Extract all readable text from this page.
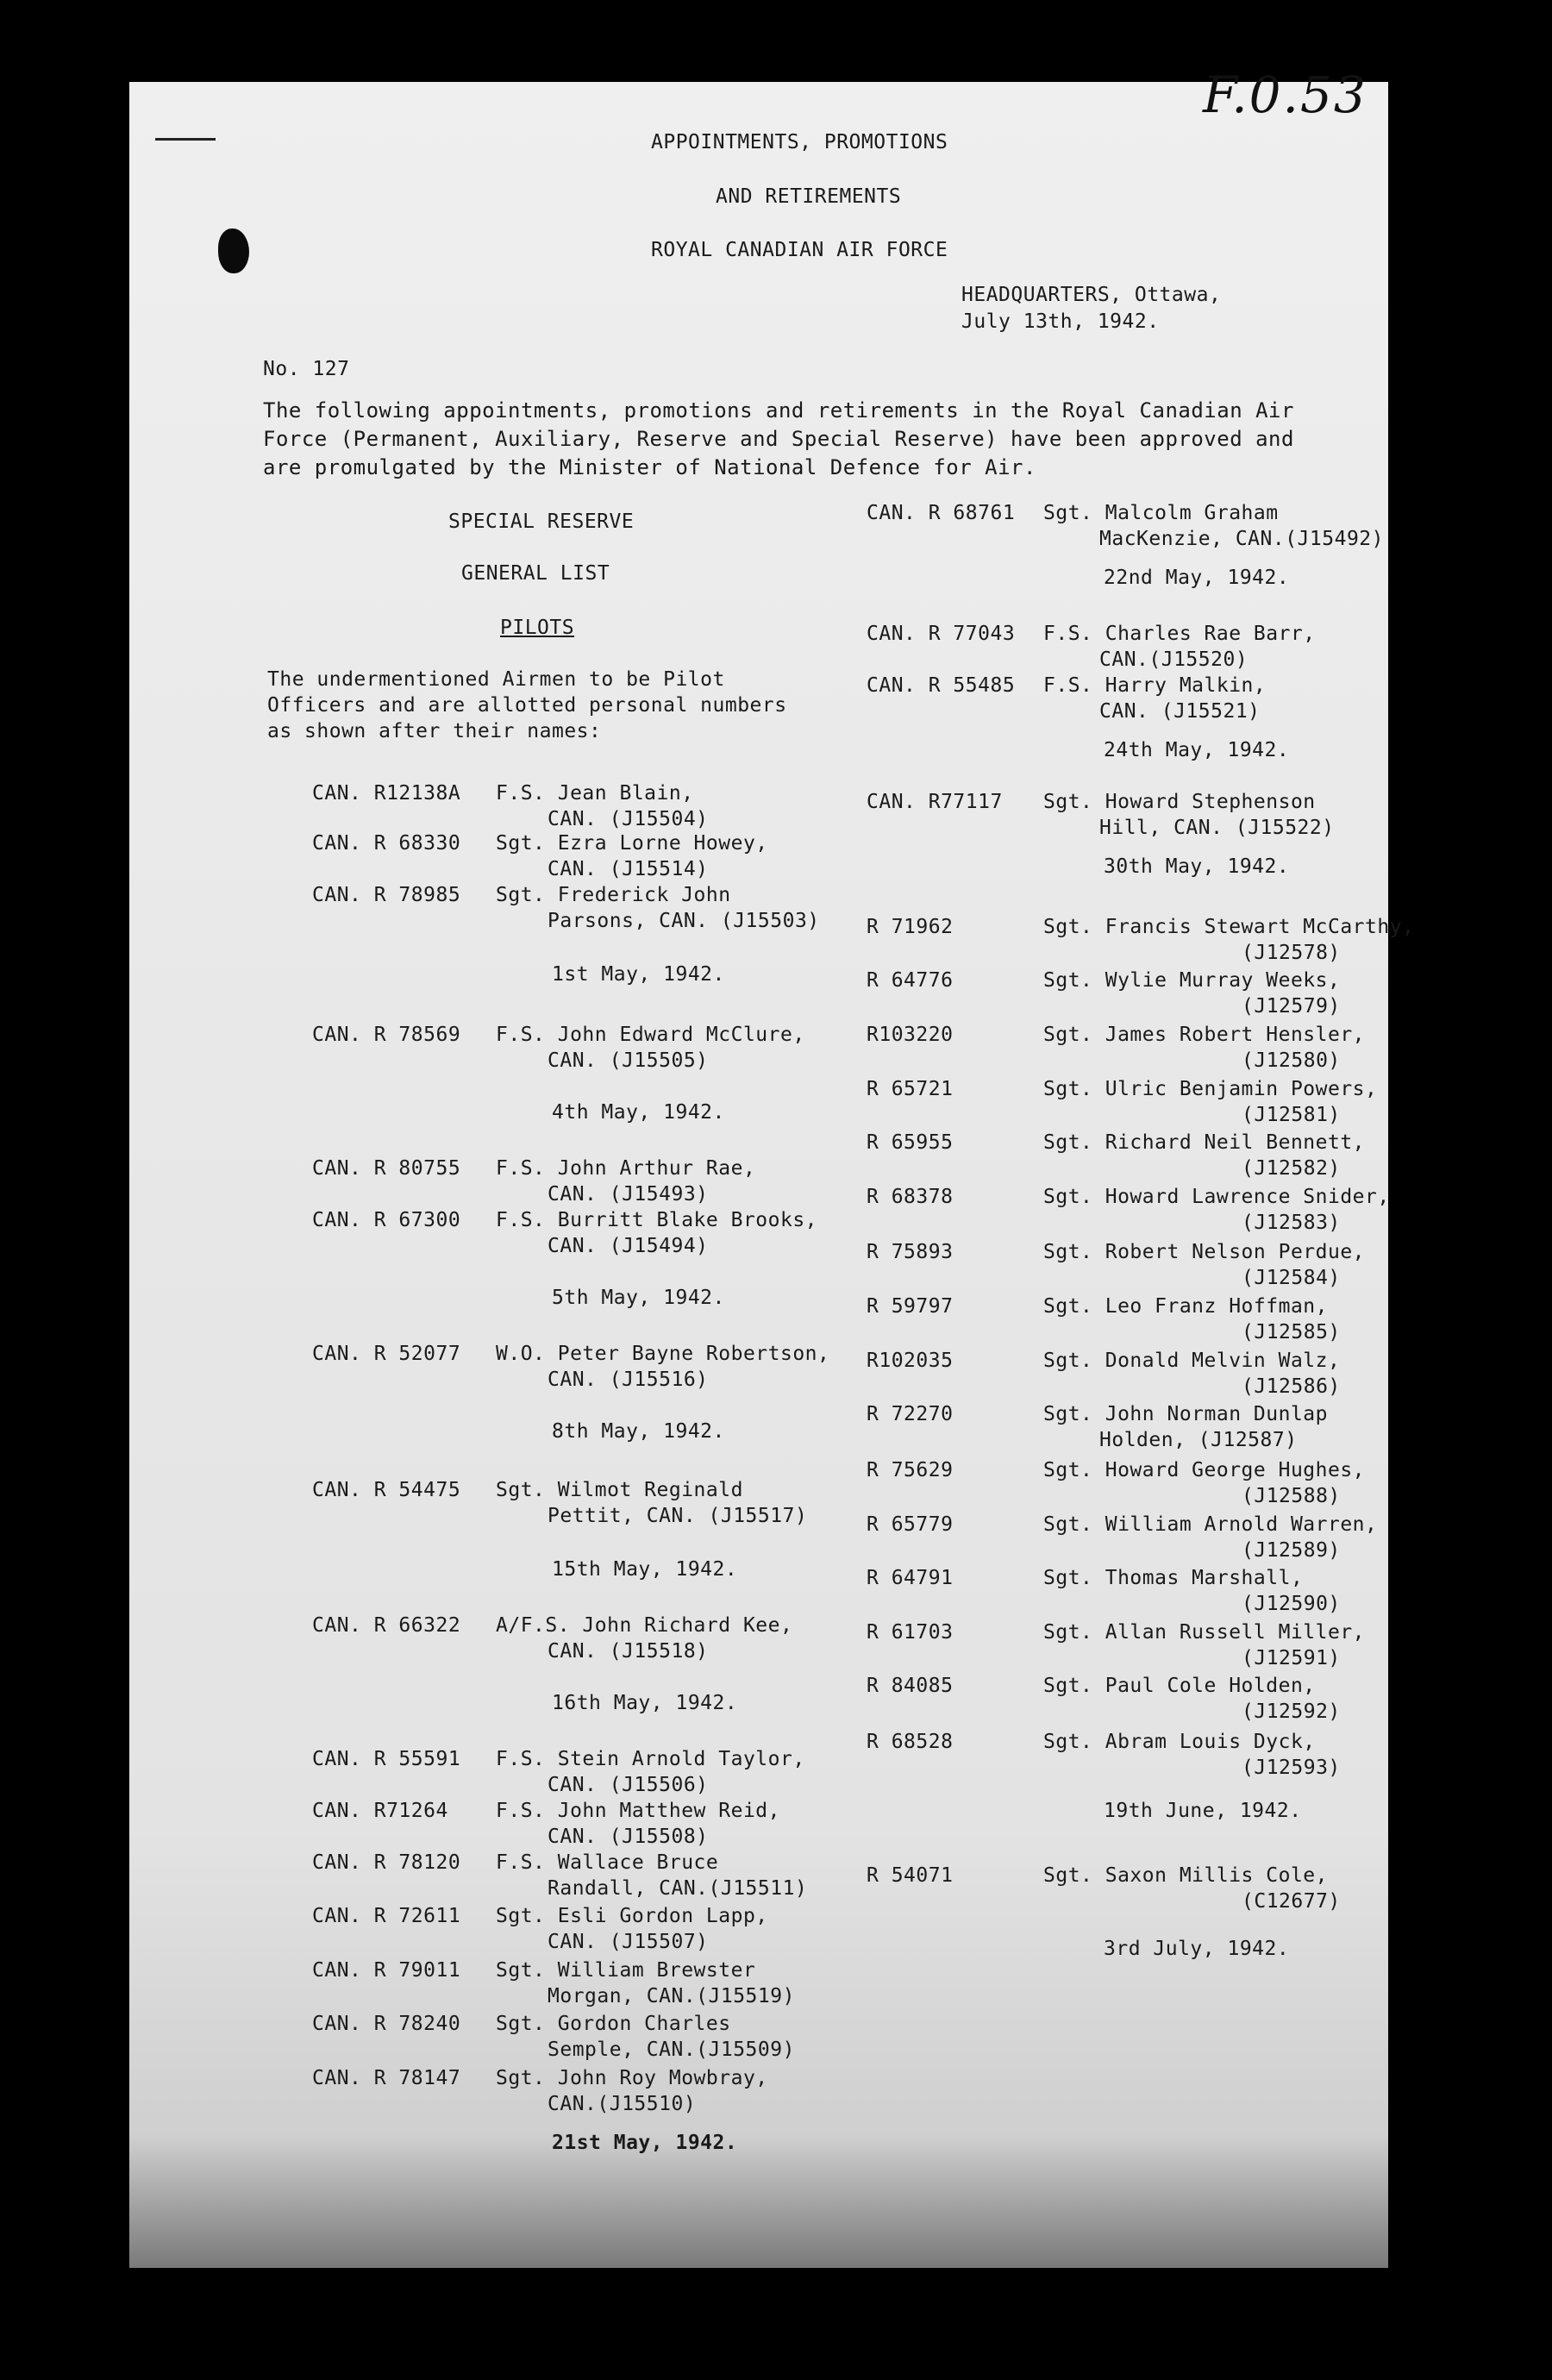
F.0.53
APPOINTMENTS, PROMOTIONS
AND RETIREMENTS
ROYAL CANADIAN AIR FORCE
HEADQUARTERS, Ottawa,
July 13th, 1942.
No. 127
The following appointments, promotions and retirements in the Royal Canadian Air
Force (Permanent, Auxiliary, Reserve and Special Reserve) have been approved and
are promulgated by the Minister of National Defence for Air.
SPECIAL RESERVE
GENERAL LIST
PILOTS
The undermentioned Airmen to be Pilot
Officers and are allotted personal numbers
as shown after their names:
CAN. R12138A F.S. Jean Blain,
CAN. (J15504)
CAN. R 68330 Sgt. Ezra Lorne Howey,
CAN. (J15514)
CAN. R 78985 Sgt. Frederick John
Parsons, CAN. (J15503)
1st May, 1942.
CAN. R 78569 F.S. John Edward McClure,
CAN. (J15505)
4th May, 1942.
CAN. R 80755 F.S. John Arthur Rae,
CAN. (J15493)
CAN. R 67300 F.S. Burritt Blake Brooks,
CAN. (J15494)
5th May, 1942.
CAN. R 52077 W.O. Peter Bayne Robertson,
CAN. (J15516)
8th May, 1942.
CAN. R 54475 Sgt. Wilmot Reginald
Pettit, CAN. (J15517)
15th May, 1942.
CAN. R 66322 A/F.S. John Richard Kee,
CAN. (J15518)
16th May, 1942.
CAN. R 55591 F.S. Stein Arnold Taylor,
CAN. (J15506)
CAN. R71264 F.S. John Matthew Reid,
CAN. (J15508)
CAN. R 78120 F.S. Wallace Bruce
Randall, CAN.(J15511)
CAN. R 72611 Sgt. Esli Gordon Lapp,
CAN. (J15507)
CAN. R 79011 Sgt. William Brewster
Morgan, CAN.(J15519)
CAN. R 78240 Sgt. Gordon Charles
Semple, CAN.(J15509)
CAN. R 78147 Sgt. John Roy Mowbray,
CAN.(J15510)
21st May, 1942.
CAN. R 68761 Sgt. Malcolm Graham
MacKenzie, CAN.(J15492)
22nd May, 1942.
CAN. R 77043 F.S. Charles Rae Barr,
CAN.(J15520)
CAN. R 55485 F.S. Harry Malkin,
CAN. (J15521)
24th May, 1942.
CAN. R77117 Sgt. Howard Stephenson
Hill, CAN. (J15522)
30th May, 1942.
R 71962	Sgt. Francis Stewart McCarthy,
(J12578)
R 64776	Sgt. Wylie Murray Weeks,
(J12579)
R103220	Sgt. James Robert Hensler,
(J12580)
R 65721	Sgt. Ulric Benjamin Powers,
(J12581)
R 65955	Sgt. Richard Neil Bennett,
(J12582)
R 68378	Sgt. Howard Lawrence Snider,
(J12583)
R 75893	Sgt. Robert Nelson Perdue,
(J12584)
R 59797	Sgt. Leo Franz Hoffman,
(J12585)
R102035	Sgt. Donald Melvin Walz,
(J12586)
R 72270	Sgt. John Norman Dunlap
Holden, (J12587)
R 75629	Sgt. Howard George Hughes,
(J12588)
R 65779	Sgt. William Arnold Warren,
(J12589)
R 64791	Sgt. Thomas Marshall,
(J12590)
R 61703	Sgt. Allan Russell Miller,
(J12591)
R 84085	Sgt. Paul Cole Holden,
(J12592)
R 68528	Sgt. Abram Louis Dyck,
(J12593)
19th June, 1942.
R 54071	Sgt. Saxon Millis Cole,
(C12677)
3rd July, 1942.
